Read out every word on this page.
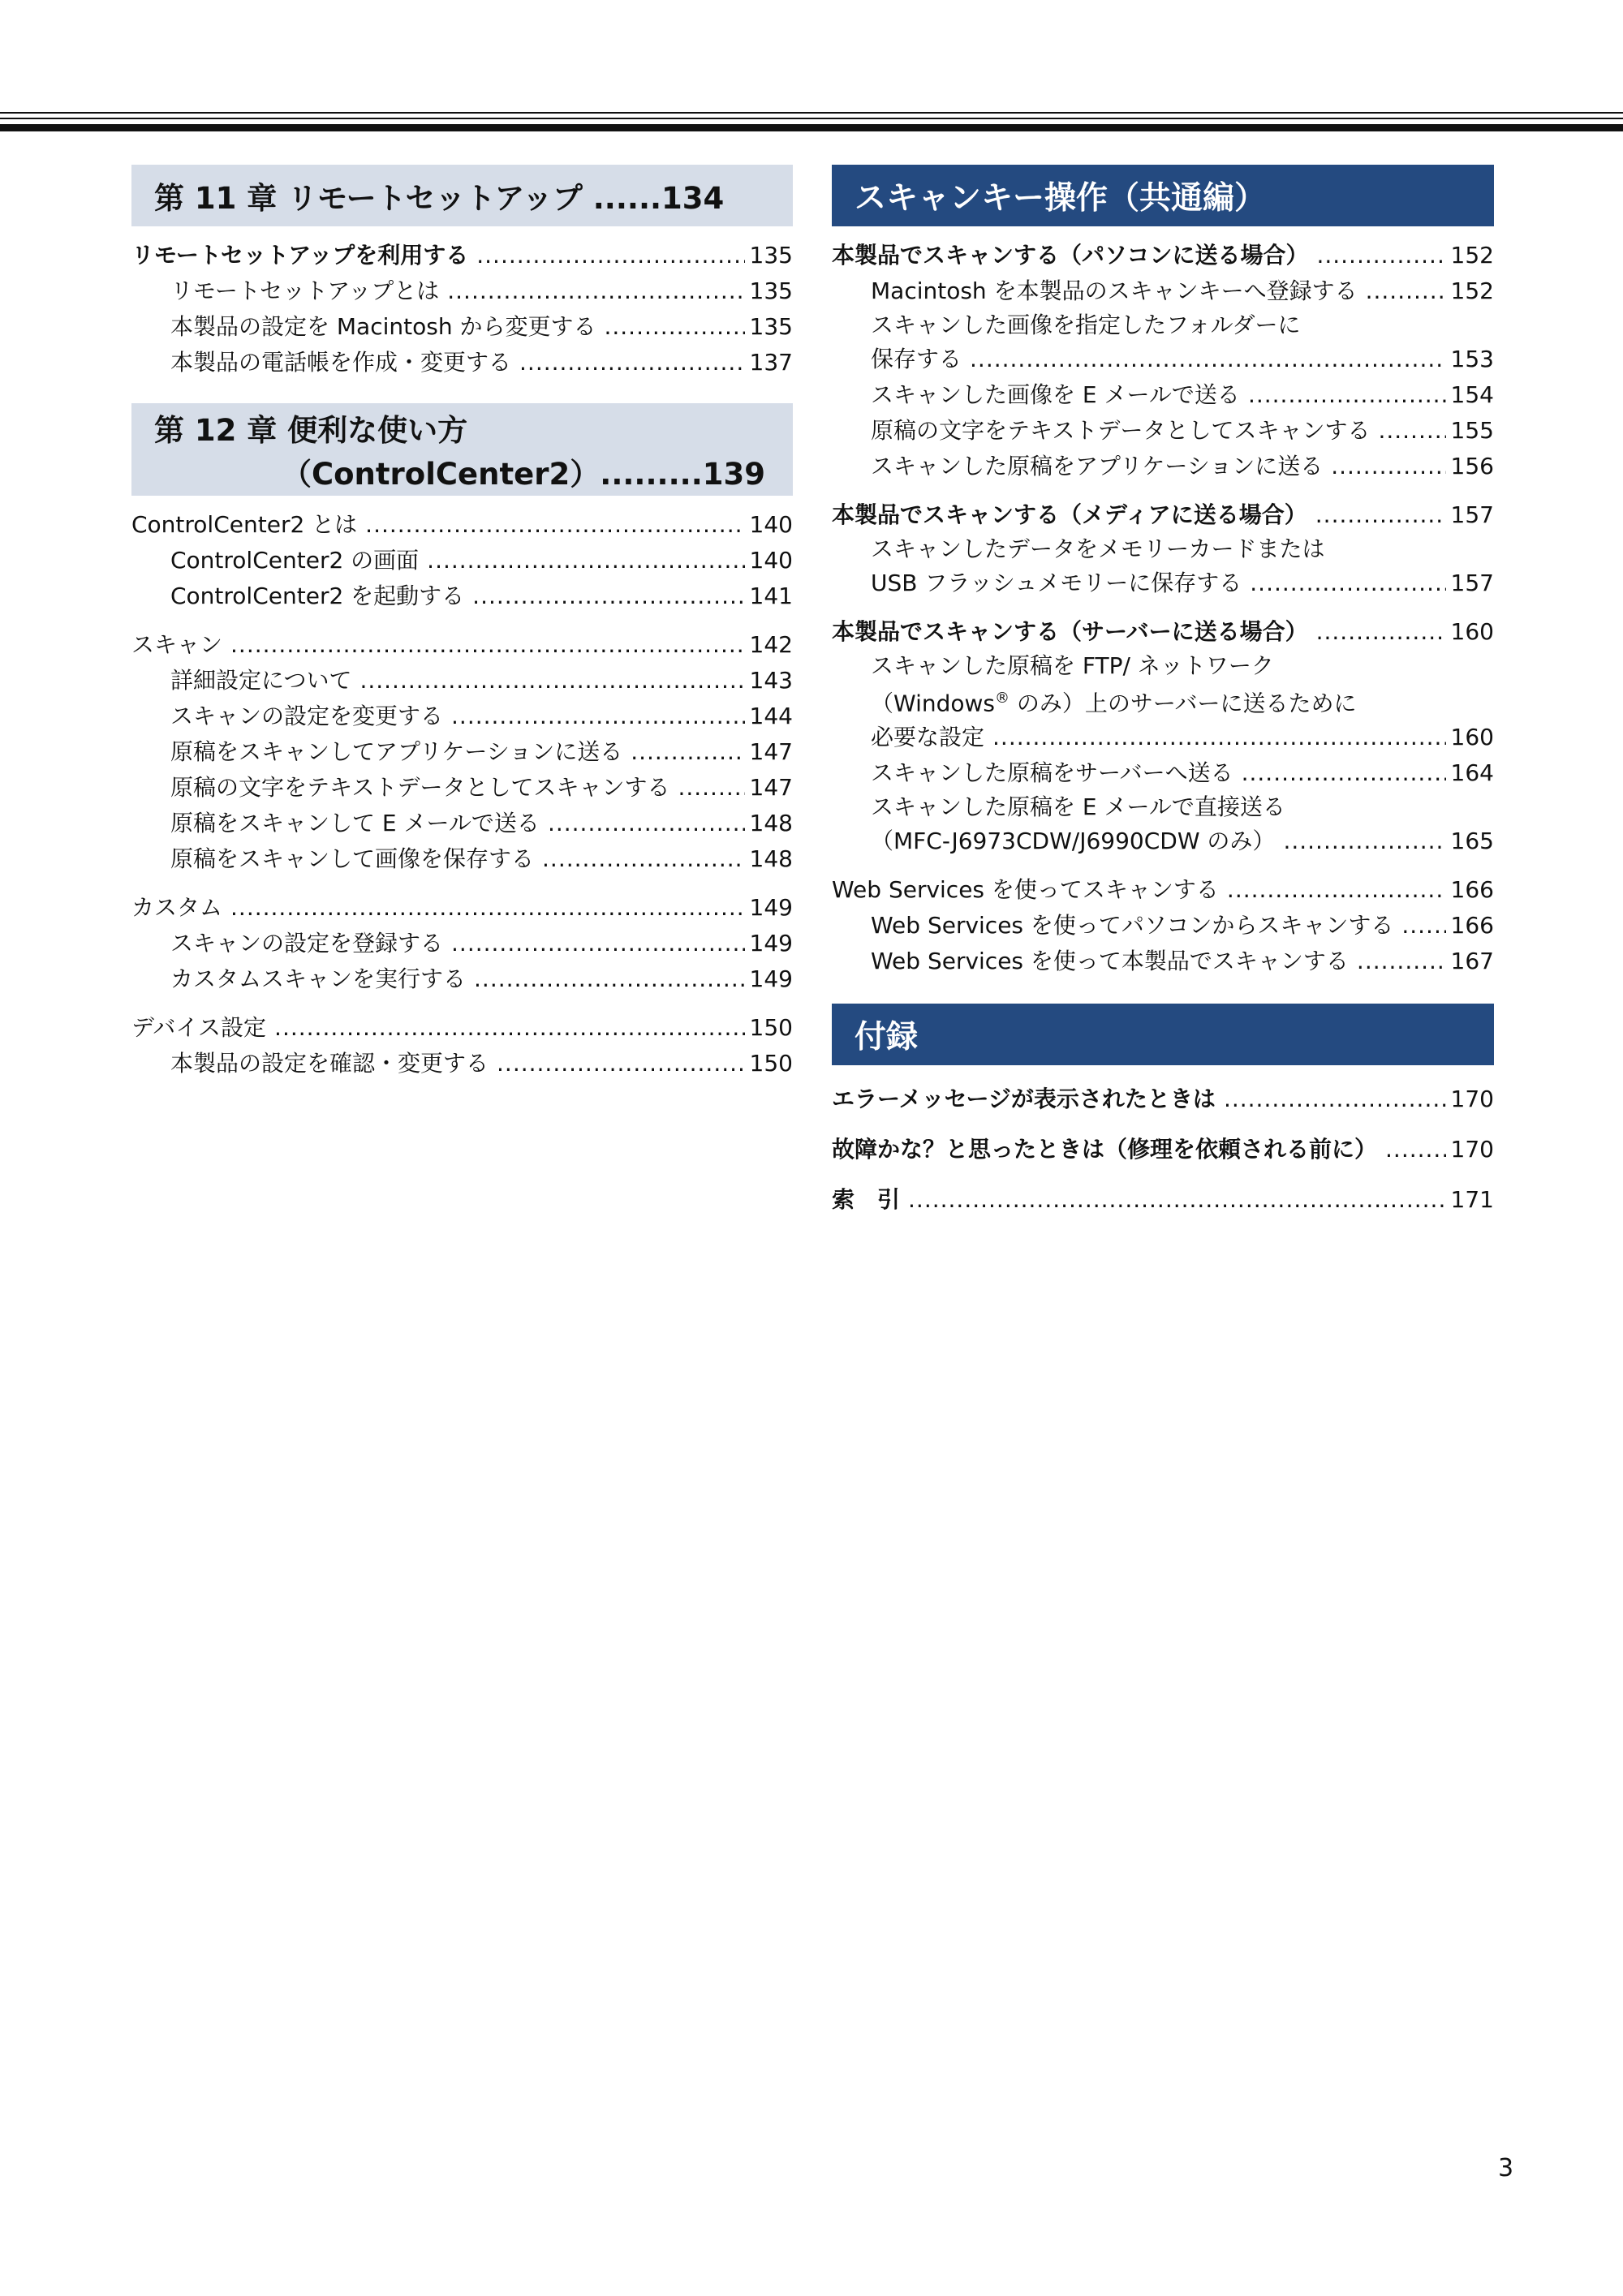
第 11 章 リモートセットアップ ......134
リモートセットアップを利用する .....	135
リモートセットアップとは .....	135
本製品の設定を Macintosh から変更する .....	135
本製品の電話帳を作成・変更する .....	137
第 12 章 便利な使い方
（ControlCenter2）.........139
ControlCenter2 とは .....	140
ControlCenter2 の画面 .....	140
ControlCenter2 を起動する .....	141
スキャン .....	142
詳細設定について .....	143
スキャンの設定を変更する .....	144
原稿をスキャンしてアプリケーションに送る .....	147
原稿の文字をテキストデータとしてスキャンする .....	147
原稿をスキャンして E メールで送る .....	148
原稿をスキャンして画像を保存する .....	148
カスタム .....	149
スキャンの設定を登録する .....	149
カスタムスキャンを実行する .....	149
デバイス設定 .....	150
本製品の設定を確認・変更する .....	150
スキャンキー操作（共通編）
本製品でスキャンする（パソコンに送る場合） .....	152
Macintosh を本製品のスキャンキーへ登録する .....	152
スキャンした画像を指定したフォルダーに
保存する .....	153
スキャンした画像を E メールで送る .....	154
原稿の文字をテキストデータとしてスキャンする .....	155
スキャンした原稿をアプリケーションに送る .....	156
本製品でスキャンする（メディアに送る場合） .....	157
スキャンしたデータをメモリーカードまたは
USB フラッシュメモリーに保存する .....	157
本製品でスキャンする（サーバーに送る場合） .....	160
スキャンした原稿を FTP/ ネットワーク
（Windows® のみ）上のサーバーに送るために
必要な設定 .....	160
スキャンした原稿をサーバーへ送る .....	164
スキャンした原稿を E メールで直接送る
（MFC-J6973CDW/J6990CDW のみ） .....	165
Web Services を使ってスキャンする .....	166
Web Services を使ってパソコンからスキャンする .....	166
Web Services を使って本製品でスキャンする .....	167
付録
エラーメッセージが表示されたときは .....	170
故障かな？と思ったときは（修理を依頼される前に） .....	170
索　引 .....	171
3
